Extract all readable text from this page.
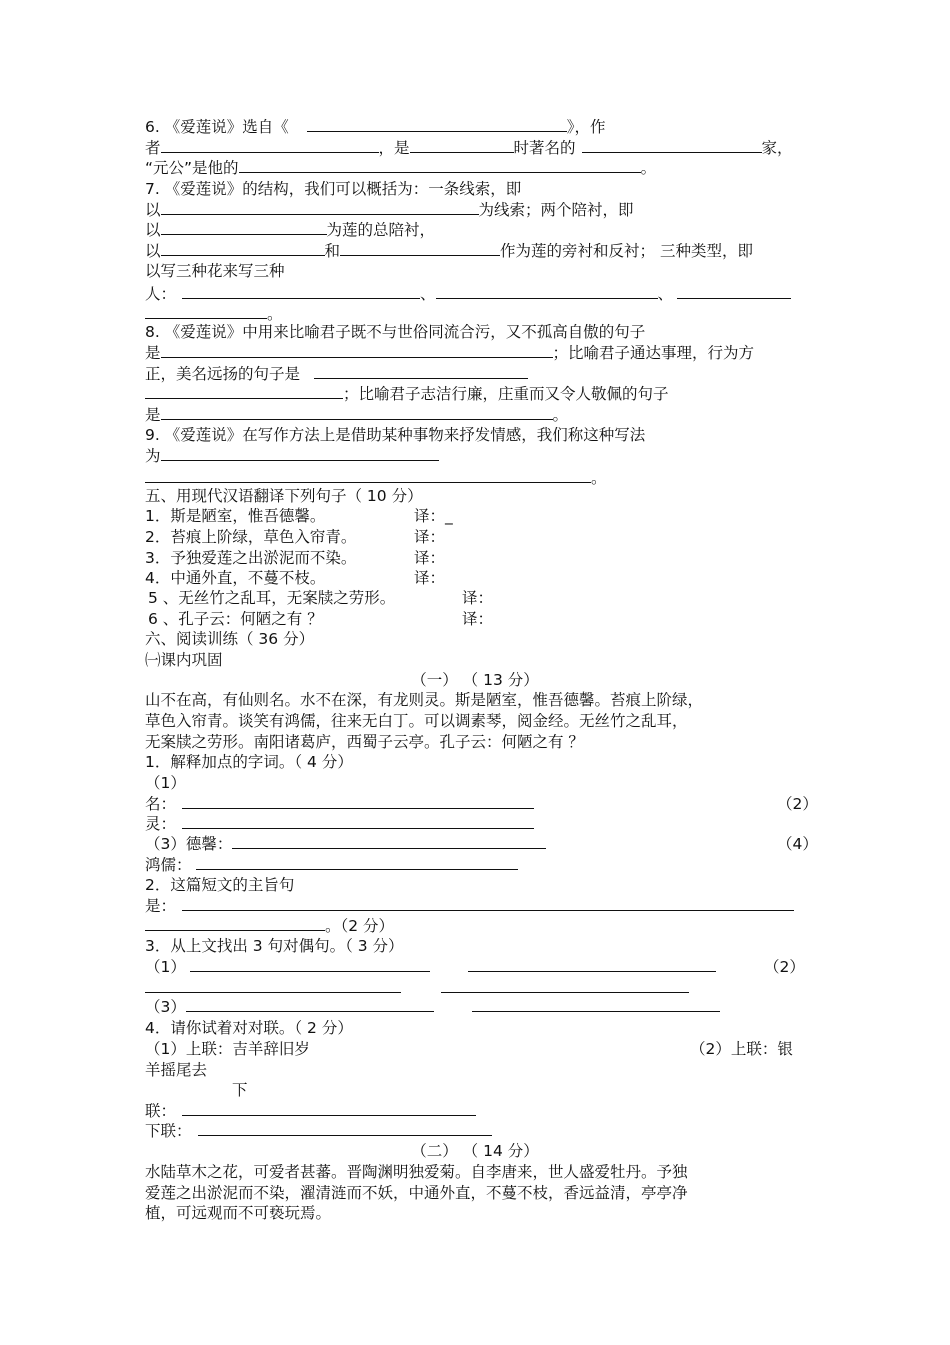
6. 《爱莲说》选自《	》，作
者	，是	时著名的	家，
“元公”是他的	。
7. 《爱莲说》的结构，我们可以概括为：一条线索，即
以	为线索；两个陪衬，即
以	为莲的总陪衬，
以	和	作为莲的旁衬和反衬； 三种类型，即
以写三种花来写三种
人：	、	、
。
8. 《爱莲说》中用来比喻君子既不与世俗同流合污，又不孤高自傲的句子
是	；比喻君子通达事理，行为方
正，美名远扬的句子是
；比喻君子志洁行廉，庄重而又令人敬佩的句子
是	。
9. 《爱莲说》在写作方法上是借助某种事物来抒发情感，我们称这种写法
为
。
五、用现代汉语翻译下列句子（ 10 分）
1．斯是陋室，惟吾德馨。	译：_
2．苔痕上阶绿，草色入帘青。	译：
3．予独爱莲之出淤泥而不染。	译：
4．中通外直，不蔓不枝。	译：
5 、无丝竹之乱耳，无案牍之劳形。	译：
6 、孔子云：何陋之有 ？	译：
六、阅读训练（ 36 分）
㈠课内巩固
（一） （ 13 分）
山不在高，有仙则名。水不在深，有龙则灵。斯是陋室，惟吾德馨。苔痕上阶绿，
草色入帘青。谈笑有鸿儒，往来无白丁。可以调素琴，阅金经。无丝竹之乱耳，
无案牍之劳形。南阳诸葛庐，西蜀子云亭。孔子云：何陋之有 ？
1．解释加点的字词。（ 4 分）
（1）
名：	（2）
灵：
（3）德馨：	（4）
鸿儒：
2．这篇短文的主旨句
是：
。（2 分）
3．从上文找出 3 句对偶句。（ 3 分）
（1）	（2）
（3）
4．请你试着对对联。（ 2 分）
（1）上联：吉羊辞旧岁	（2）上联：银
羊摇尾去
下
联：
下联：
（二） （ 14 分）
水陆草木之花，可爱者甚蕃。晋陶渊明独爱菊。自李唐来，世人盛爱牡丹。予独
爱莲之出淤泥而不染，濯清涟而不妖，中通外直，不蔓不枝，香远益清，亭亭净
植，可远观而不可亵玩焉。
